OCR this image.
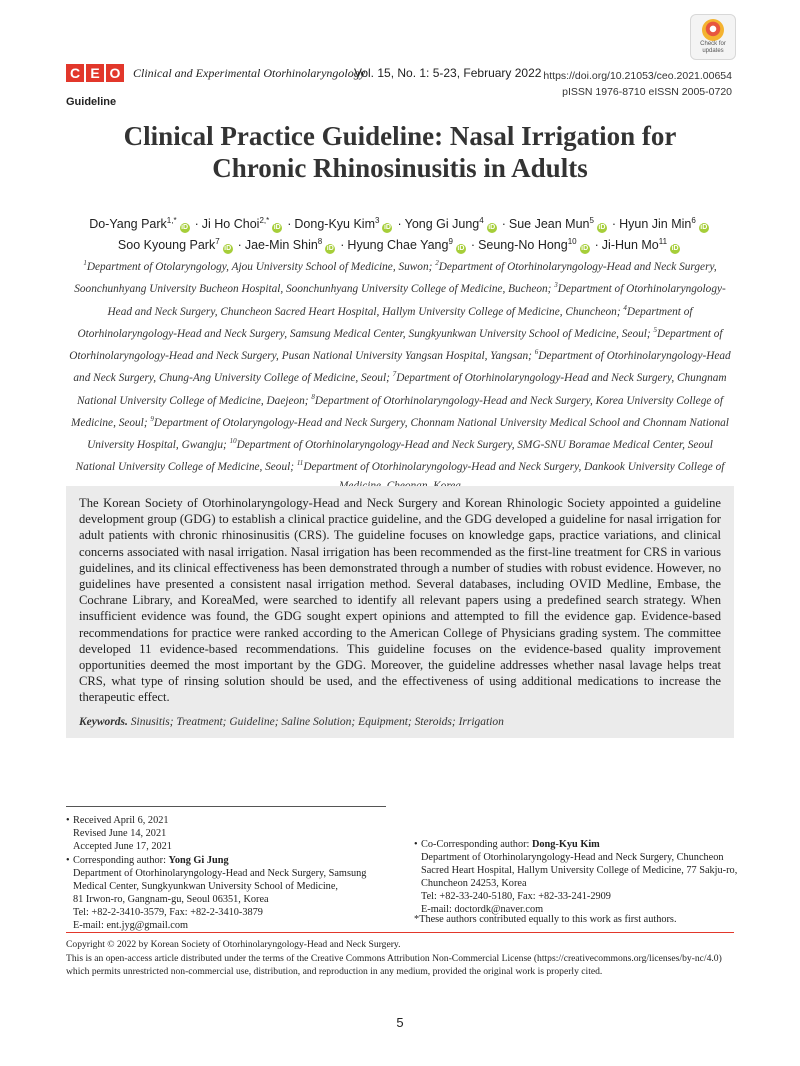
C E O Clinical and Experimental Otorhinolaryngology
Vol. 15, No. 1: 5-23, February 2022
Check for
updates
https://doi.org/10.21053/ceo.2021.00654
pISSN 1976-8710 eISSN 2005-0720
Guideline
Clinical Practice Guideline: Nasal Irrigation for
Chronic Rhinosinusitis in Adults
Do-Yang Park$^{1,*}$iD · Ji Ho Choi$^{2,*}$iD · Dong-Kyu Kim$^3$iD · Yong Gi Jung$^4$iD · Sue Jean Mun$^5$iD · Hyun Jin Min$^6$iD
Soo Kyoung Park$^7$iD · Jae-Min Shin$^8$iD · Hyung Chae Yang$^9$iD · Seung-No Hong$^{10}$iD · Ji-Hun Mo$^{11}$iD
$^1$Department of Otolaryngology, Ajou University School of Medicine, Suwon; $^2$Department of Otorhinolaryngology-Head and Neck Surgery, Soonchunhyang University Bucheon Hospital, Soonchunhyang University College of Medicine, Bucheon; $^3$Department of Otorhinolaryngology-Head and Neck Surgery, Chuncheon Sacred Heart Hospital, Hallym University College of Medicine, Chuncheon; $^4$Department of Otorhinolaryngology-Head and Neck Surgery, Samsung Medical Center, Sungkyunkwan University School of Medicine, Seoul; $^5$Department of Otorhinolaryngology-Head and Neck Surgery, Pusan National University Yangsan Hospital, Yangsan; $^6$Department of Otorhinolaryngology-Head and Neck Surgery, Chung-Ang University College of Medicine, Seoul; $^7$Department of Otorhinolaryngology-Head and Neck Surgery, Chungnam National University College of Medicine, Daejeon; $^8$Department of Otorhinolaryngology-Head and Neck Surgery, Korea University College of Medicine, Seoul; $^9$Department of Otolaryngology-Head and Neck Surgery, Chonnam National University Medical School and Chonnam National University Hospital, Gwangju; $^{10}$Department of Otorhinolaryngology-Head and Neck Surgery, SMG-SNU Boramae Medical Center, Seoul National University College of Medicine, Seoul; $^{11}$Department of Otorhinolaryngology-Head and Neck Surgery, Dankook University College of
The Korean Society of Otorhinolaryngology-Head and Neck Surgery and Korean Rhinologic Society appointed a guideline development group (GDG) to establish a clinical practice guideline, and the GDG developed a guideline for nasal irrigation for adult patients with chronic rhinosinusitis (CRS). The guideline focuses on knowledge gaps, practice variations, and clinical concerns associated with nasal irrigation. Nasal irrigation has been recommended as the first-line treatment for CRS in various guidelines, and its clinical effectiveness has been demonstrated through a number of studies with robust evidence. However, no guidelines have presented a consistent nasal irrigation method. Several databases, including OVID Medline, Embase, the Cochrane Library, and KoreaMed, were searched to identify all relevant papers using a predefined search strategy. When insufficient evidence was found, the GDG sought expert opinions and attempted to fill the evidence gap. Evidence-based recommendations for practice were ranked according to the American College of Physicians grading system. The committee developed 11 evidence-based recommendations. This guideline focuses on the evidence-based quality improvement opportunities deemed the most important by the GDG. Moreover, the guideline addresses whether nasal lavage helps treat CRS, what type of rinsing solution should be used, and the effectiveness of using additional medications to increase the therapeutic effect.
Keywords. Sinusitis; Treatment; Guideline; Saline Solution; Equipment; Steroids; Irrigation
• Received April 6, 2021
Revised June 14, 2021
Accepted June 17, 2021
• Corresponding author: Yong Gi Jung
Department of Otorhinolaryngology-Head and Neck Surgery, Samsung
Medical Center, Sungkyunkwan University School of Medicine,
81 Irwon-ro, Gangnam-gu, Seoul 06351, Korea
Tel: +82-2-3410-3579, Fax: +82-2-3410-3879
E-mail: ent.jyg@gmail.com
• Co-Corresponding author: Dong-Kyu Kim
Department of Otorhinolaryngology-Head and Neck Surgery, Chuncheon
Sacred Heart Hospital, Hallym University College of Medicine, 77 Sakju-ro,
Chuncheon 24253, Korea
Tel: +82-33-240-5180, Fax: +82-33-241-2909
E-mail: doctordk@naver.com
*These authors contributed equally to this work as first authors.
Copyright © 2022 by Korean Society of Otorhinolaryngology-Head and Neck Surgery.
This is an open-access article distributed under the terms of the Creative Commons Attribution Non-Commercial License (https://creativecommons.org/licenses/by-nc/4.0)
which permits unrestricted non-commercial use, distribution, and reproduction in any medium, provided the original work is properly cited.
5
